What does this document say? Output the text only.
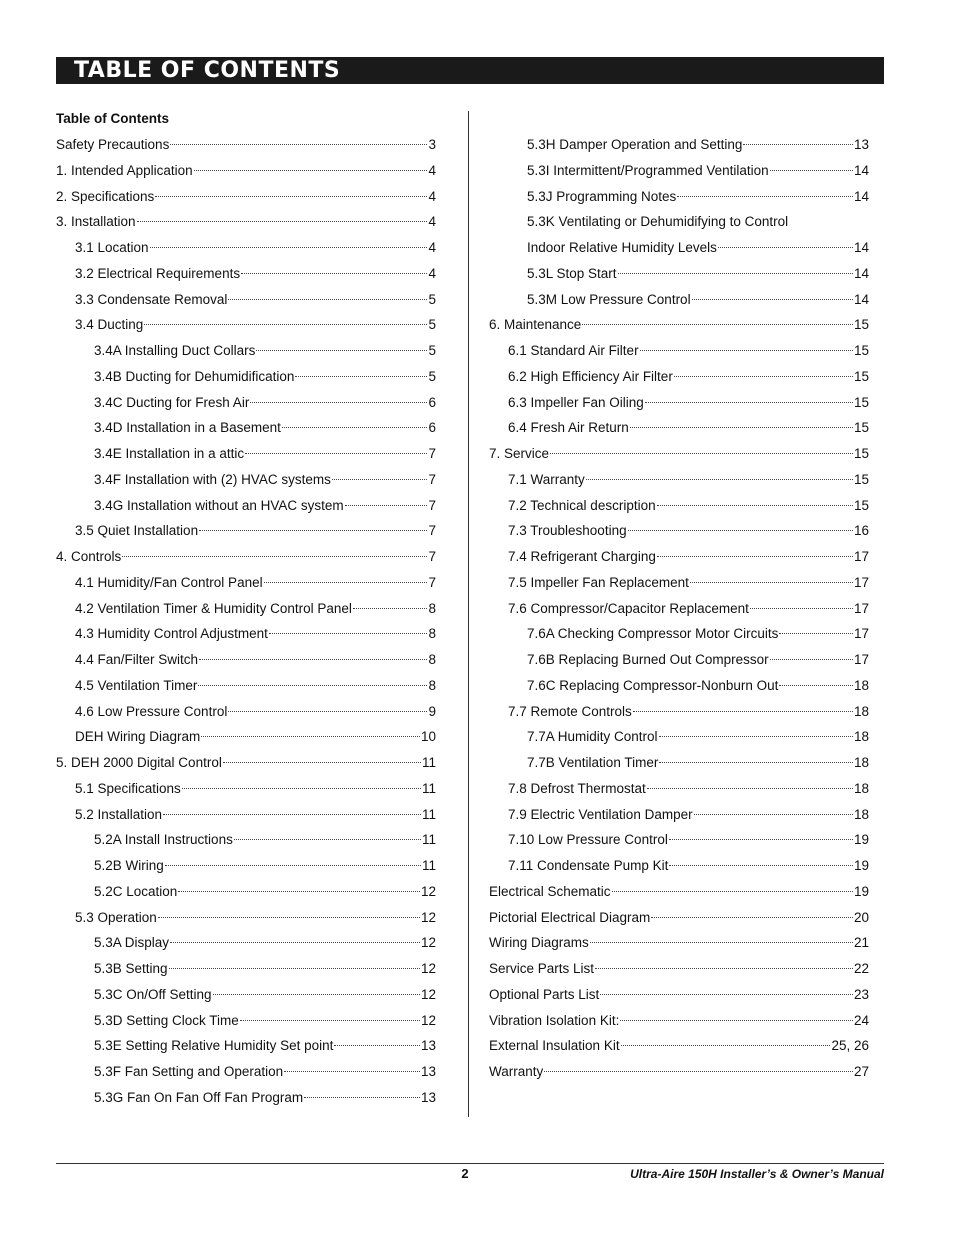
TABLE OF CONTENTS
Table of Contents
Safety Precautions	3
1. Intended Application	4
2. Specifications	4
3. Installation	4
3.1 Location	4
3.2 Electrical Requirements	4
3.3 Condensate Removal	5
3.4 Ducting	5
3.4A Installing Duct Collars	5
3.4B Ducting for Dehumidification	5
3.4C Ducting for Fresh Air	6
3.4D Installation in a Basement	6
3.4E Installation in a attic	7
3.4F Installation with (2) HVAC systems	7
3.4G Installation without an HVAC system	7
3.5 Quiet Installation	7
4. Controls	7
4.1 Humidity/Fan Control Panel	7
4.2 Ventilation Timer & Humidity Control Panel	8
4.3 Humidity Control Adjustment	8
4.4 Fan/Filter Switch	8
4.5 Ventilation Timer	8
4.6 Low Pressure Control	9
DEH Wiring Diagram	10
5. DEH 2000 Digital Control	11
5.1 Specifications	11
5.2 Installation	11
5.2A Install Instructions	11
5.2B Wiring	11
5.2C Location	12
5.3 Operation	12
5.3A Display	12
5.3B Setting	12
5.3C On/Off Setting	12
5.3D Setting Clock Time	12
5.3E Setting Relative Humidity Set point	13
5.3F Fan Setting and Operation	13
5.3G Fan On Fan Off Fan Program	13
5.3H Damper Operation and Setting	13
5.3I Intermittent/Programmed Ventilation	14
5.3J Programming Notes	14
5.3K Ventilating or Dehumidifying to Control
Indoor Relative Humidity Levels	14
5.3L Stop Start	14
5.3M Low Pressure Control	14
6. Maintenance	15
6.1 Standard Air Filter	15
6.2 High Efficiency Air Filter	15
6.3 Impeller Fan Oiling	15
6.4 Fresh Air Return	15
7. Service	15
7.1 Warranty	15
7.2 Technical description	15
7.3 Troubleshooting	16
7.4 Refrigerant Charging	17
7.5 Impeller Fan Replacement	17
7.6 Compressor/Capacitor Replacement	17
7.6A Checking Compressor Motor Circuits	17
7.6B Replacing Burned Out Compressor	17
7.6C Replacing Compressor-Nonburn Out	18
7.7 Remote Controls	18
7.7A Humidity Control	18
7.7B Ventilation Timer	18
7.8 Defrost Thermostat	18
7.9 Electric Ventilation Damper	18
7.10 Low Pressure Control	19
7.11 Condensate Pump Kit	19
Electrical Schematic	19
Pictorial Electrical Diagram	20
Wiring Diagrams	21
Service Parts List	22
Optional Parts List	23
Vibration Isolation Kit:	24
External Insulation Kit	25, 26
Warranty	27
2	Ultra-Aire 150H Installer’s & Owner’s Manual
